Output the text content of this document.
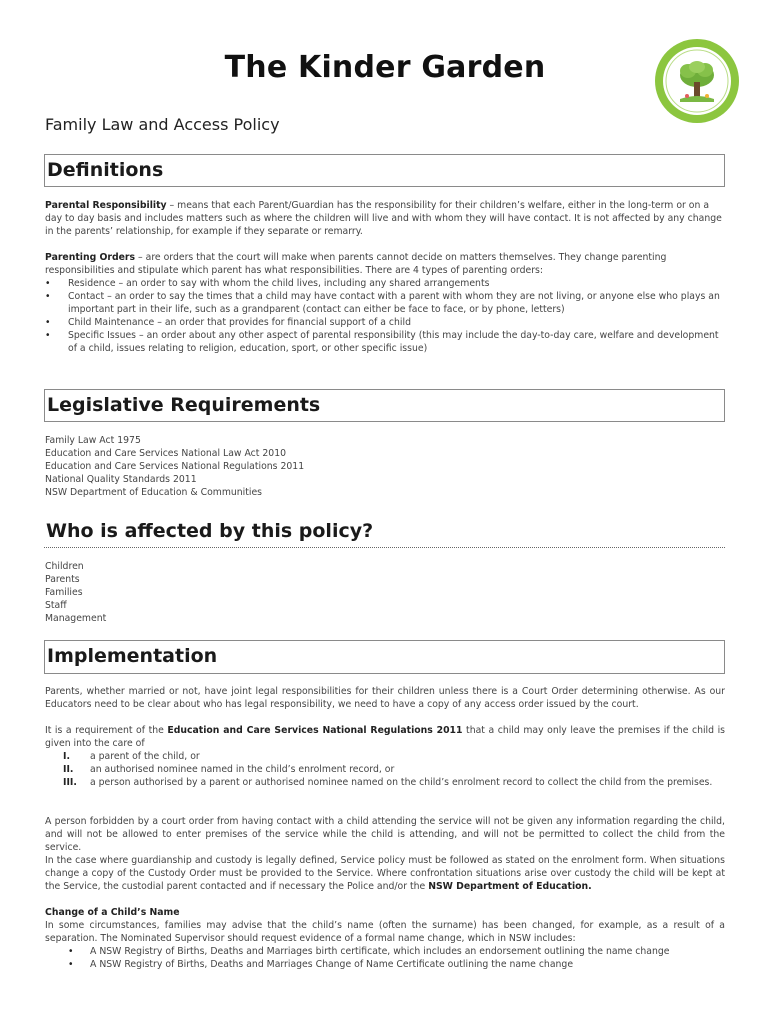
The Kinder Garden
Family Law and Access Policy
Definitions

Parental Responsibility – means that each Parent/Guardian has the responsibility for their children’s welfare, either in the long-term or on a day to day basis and includes matters such as where the children will live and with whom they will have contact. It is not affected by any change in the parents’ relationship, for example if they separate or remarry.

Parenting Orders – are orders that the court will make when parents cannot decide on matters themselves. They change parenting responsibilities and stipulate which parent has what responsibilities. There are 4 types of parenting orders:

• Residence – an order to say with whom the child lives, including any shared arrangements
• Contact – an order to say the times that a child may have contact with a parent with whom they are not living, or anyone else who plays an important part in their life, such as a grandparent (contact can either be face to face, or by phone, letters)
• Child Maintenance – an order that provides for financial support of a child
• Specific Issues – an order about any other aspect of parental responsibility (this may include the day-to-day care, welfare and development of a child, issues relating to religion, education, sport, or other specific issue)
Legislative Requirements
Family Law Act 1975
Education and Care Services National Law Act 2010
Education and Care Services National Regulations 2011
National Quality Standards 2011
NSW Department of Education & Communities
Who is affected by this policy?
Children
Parents
Families
Staff
Management
Implementation

Parents, whether married or not, have joint legal responsibilities for their children unless there is a Court Order determining otherwise. As our Educators need to be clear about who has legal responsibility, we need to have a copy of any access order issued by the court.

It is a requirement of the Education and Care Services National Regulations 2011 that a child may only leave the premises if the child is given into the care of

I. a parent of the child, or
II. an authorised nominee named in the child’s enrolment record, or
III. a person authorised by a parent or authorised nominee named on the child’s enrolment record to collect the child from the premises.

A person forbidden by a court order from having contact with a child attending the service will not be given any information regarding the child, and will not be allowed to enter premises of the service while the child is attending, and will not be permitted to collect the child from the service.

In the case where guardianship and custody is legally defined, Service policy must be followed as stated on the enrolment form. When situations change a copy of the Custody Order must be provided to the Service. Where confrontation situations arise over custody the child will be kept at the Service, the custodial parent contacted and if necessary the Police and/or the NSW Department of Education.

Change of a Child’s Name

In some circumstances, families may advise that the child’s name (often the surname) has been changed, for example, as a result of a separation. The Nominated Supervisor should request evidence of a formal name change, which in NSW includes:

• A NSW Registry of Births, Deaths and Marriages birth certificate, which includes an endorsement outlining the name change
• A NSW Registry of Births, Deaths and Marriages Change of Name Certificate outlining the name change
